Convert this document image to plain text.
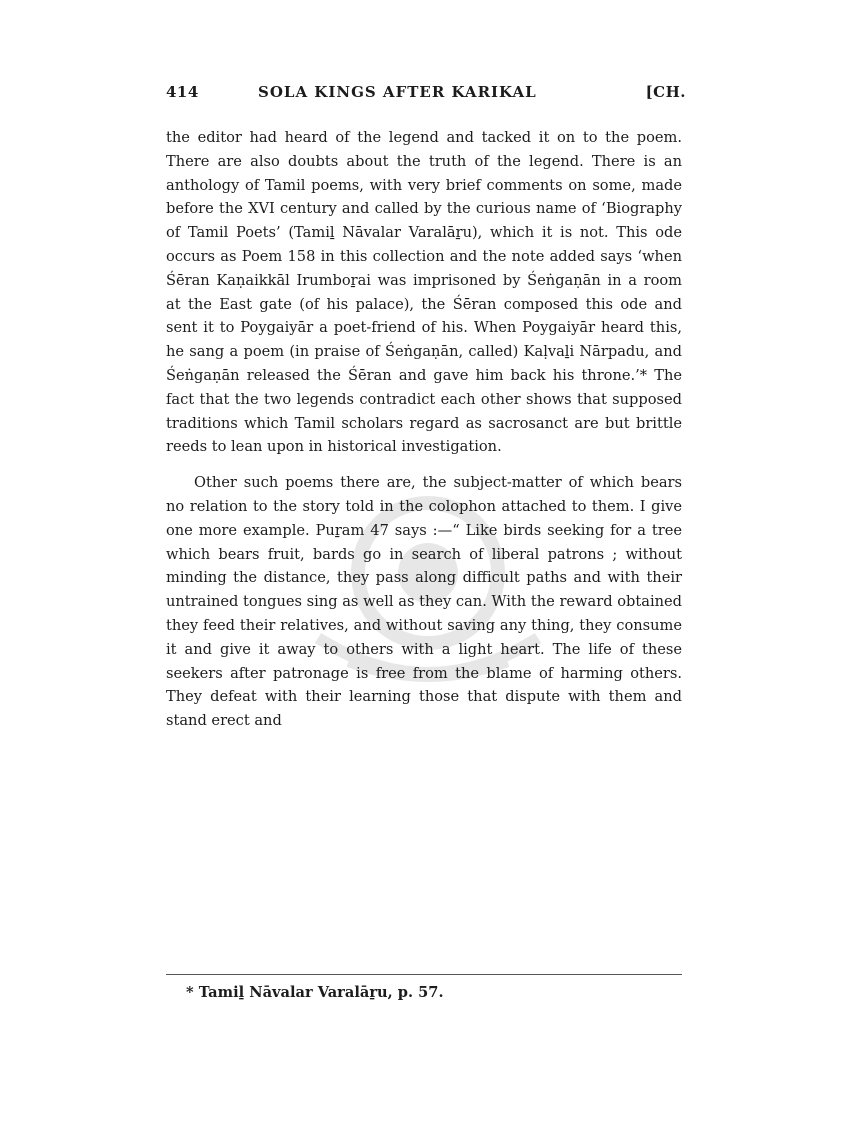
414	SOLA KINGS AFTER KARIKAL	[CH.

the editor had heard of the legend and tacked it on to the poem. There are also doubts about the truth of the legend. There is an anthology of Tamil poems, with very brief comments on some, made before the XVI century and called by the curious name of ‘Biography of Tamil Poets’ (Tamiḻ Nāvalar Varalāṟu), which it is not. This ode occurs as Poem 158 in this collection and the note added says ‘when Śēran Kaṇaikkāl Irumboṟai was imprisoned by Śeṅgaṇān in a room at the East gate (of his palace), the Śēran composed this ode and sent it to Poygaiyār a poet-friend of his. When Poygaiyār heard this, he sang a poem (in praise of Śeṅgaṇān, called) Kaḷvaḻi Nārpadu, and Śeṅgaṇān released the Śēran and gave him back his throne.’* The fact that the two legends contradict each other shows that supposed traditions which Tamil scholars regard as sacrosanct are but brittle reeds to lean upon in historical investigation.

Other such poems there are, the subject-matter of which bears no relation to the story told in the colophon attached to them. I give one more example. Puṟam 47 says :—“ Like birds seeking for a tree which bears fruit, bards go in search of liberal patrons ; without minding the distance, they pass along difficult paths and with their untrained tongues sing as well as they can. With the reward obtained they feed their relatives, and without saving any thing, they consume it and give it away to others with a light heart. The life of these seekers after patronage is free from the blame of harming others. They defeat with their learning those that dispute with them and stand erect and

* Tamiḻ Nāvalar Varalāṟu, p. 57.
